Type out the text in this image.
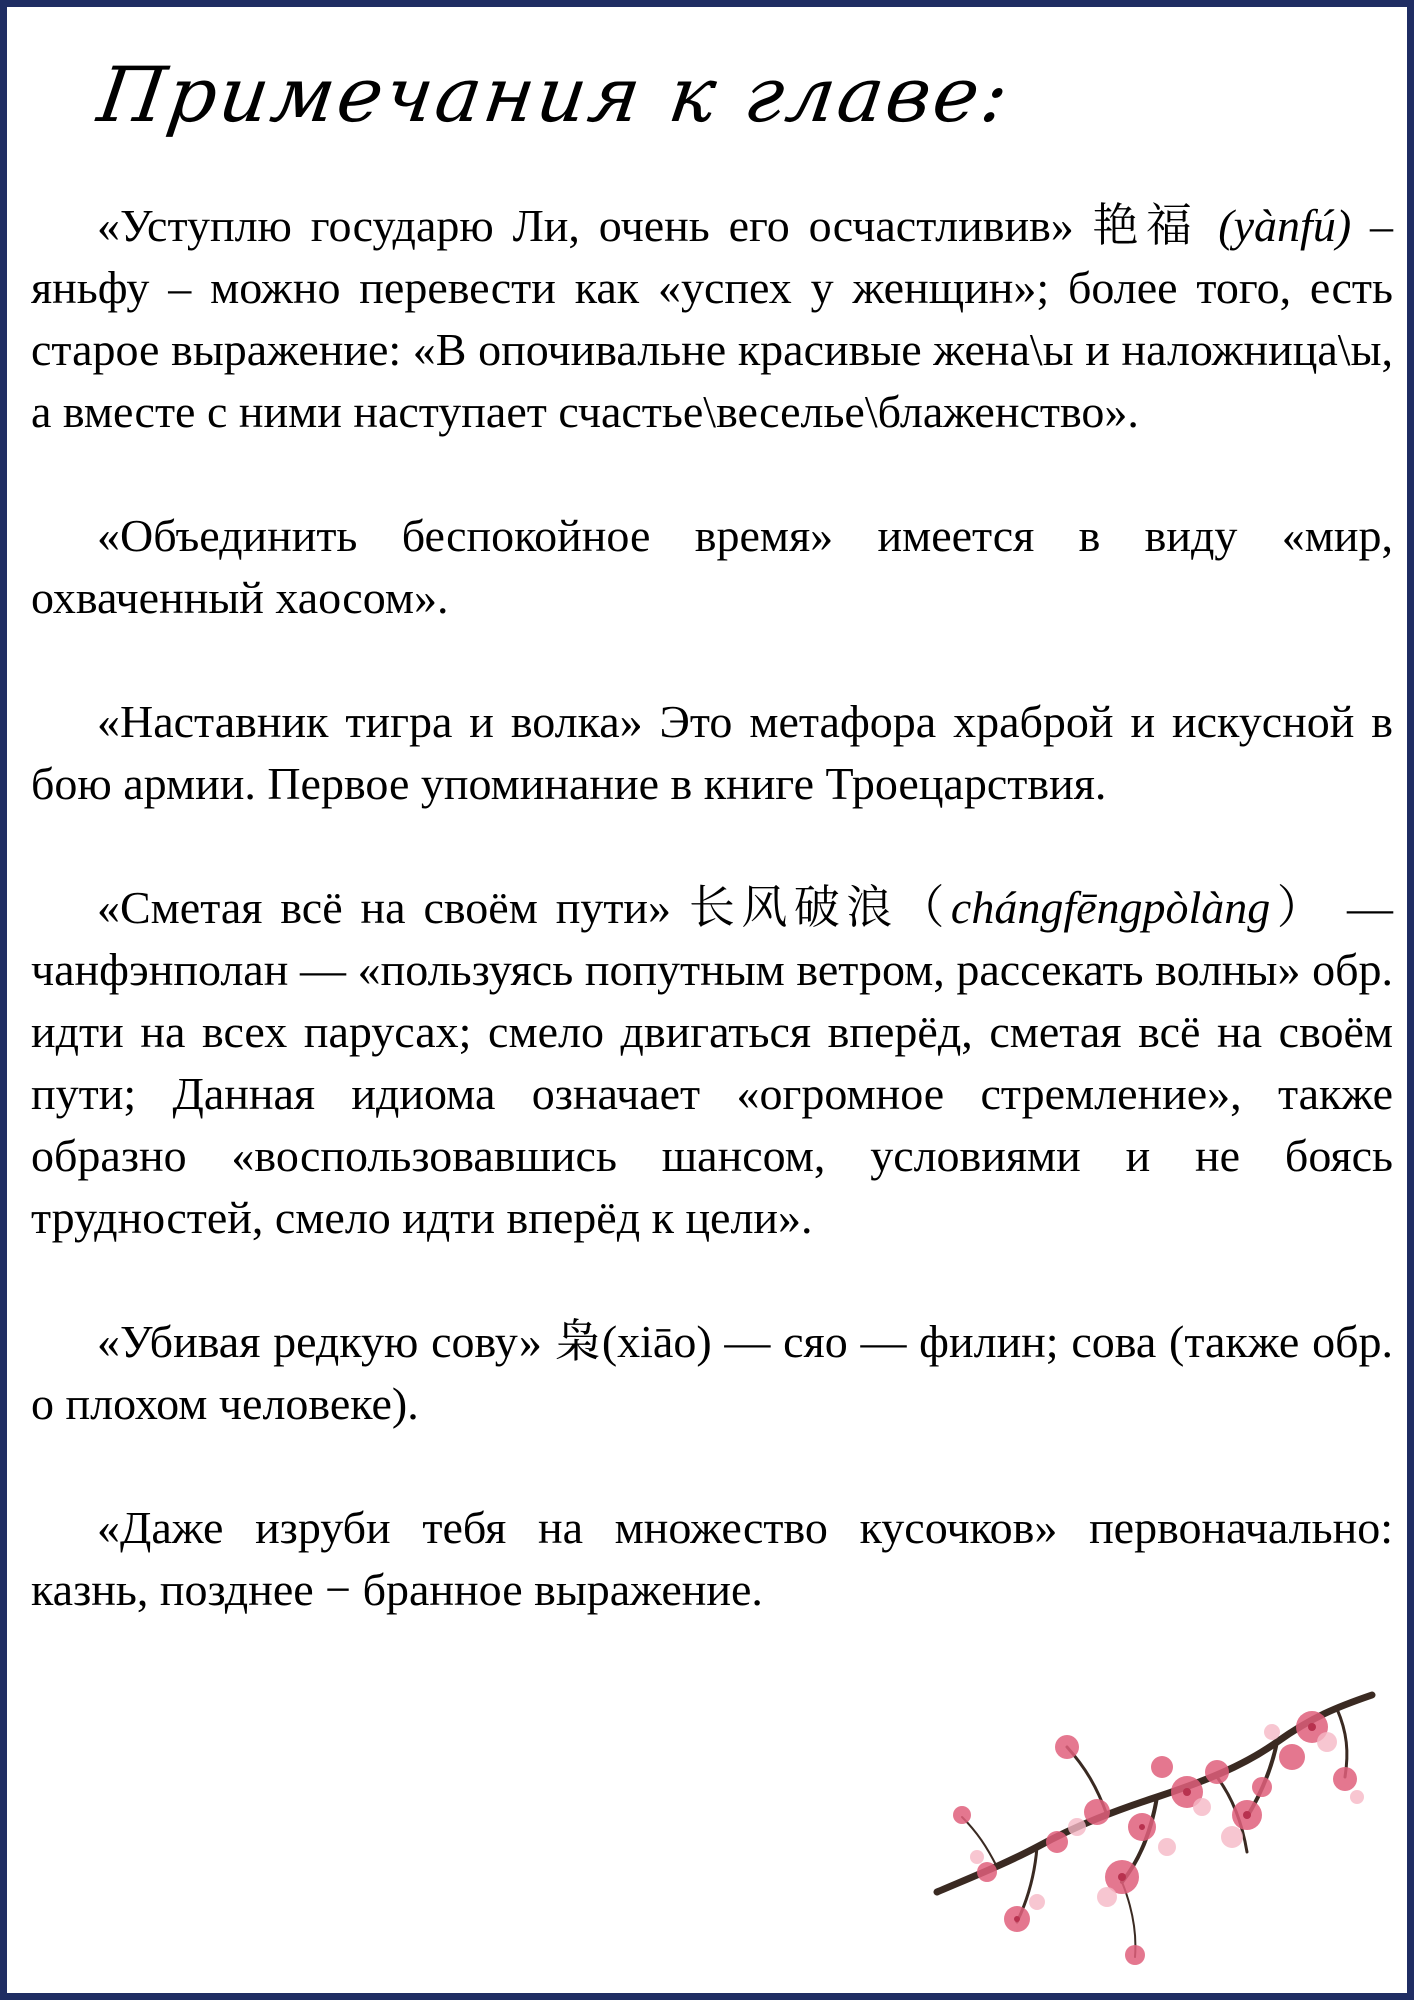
Примечания к главе:

«Уступлю государю Ли, очень его осчастливив» 艳福 (yànfú) – яньфу – можно перевести как «успех у женщин»; более того, есть старое выражение: «В опочивальне красивые жена\ы и наложница\ы, а вместе с ними наступает счастье\веселье\блаженство».

«Объединить беспокойное время» имеется в виду «мир, охваченный хаосом».

«Наставник тигра и волка» Это метафора храброй и искусной в бою армии. Первое упоминание в книге Троецарствия.

«Сметая всё на своём пути» 长风破浪（chángfēngpòlàng） — чанфэнполан — «пользуясь попутным ветром, рассекать волны» обр. идти на всех парусах; смело двигаться вперёд, сметая всё на своём пути; Данная идиома означает «огромное стремление», также образно «воспользовавшись шансом, условиями и не боясь трудностей, смело идти вперёд к цели».

«Убивая редкую сову» 枭(xiāo) — сяо — филин; сова (также обр. о плохом человеке).

«Даже изруби тебя на множество кусочков» первоначально: казнь, позднее − бранное выражение.
